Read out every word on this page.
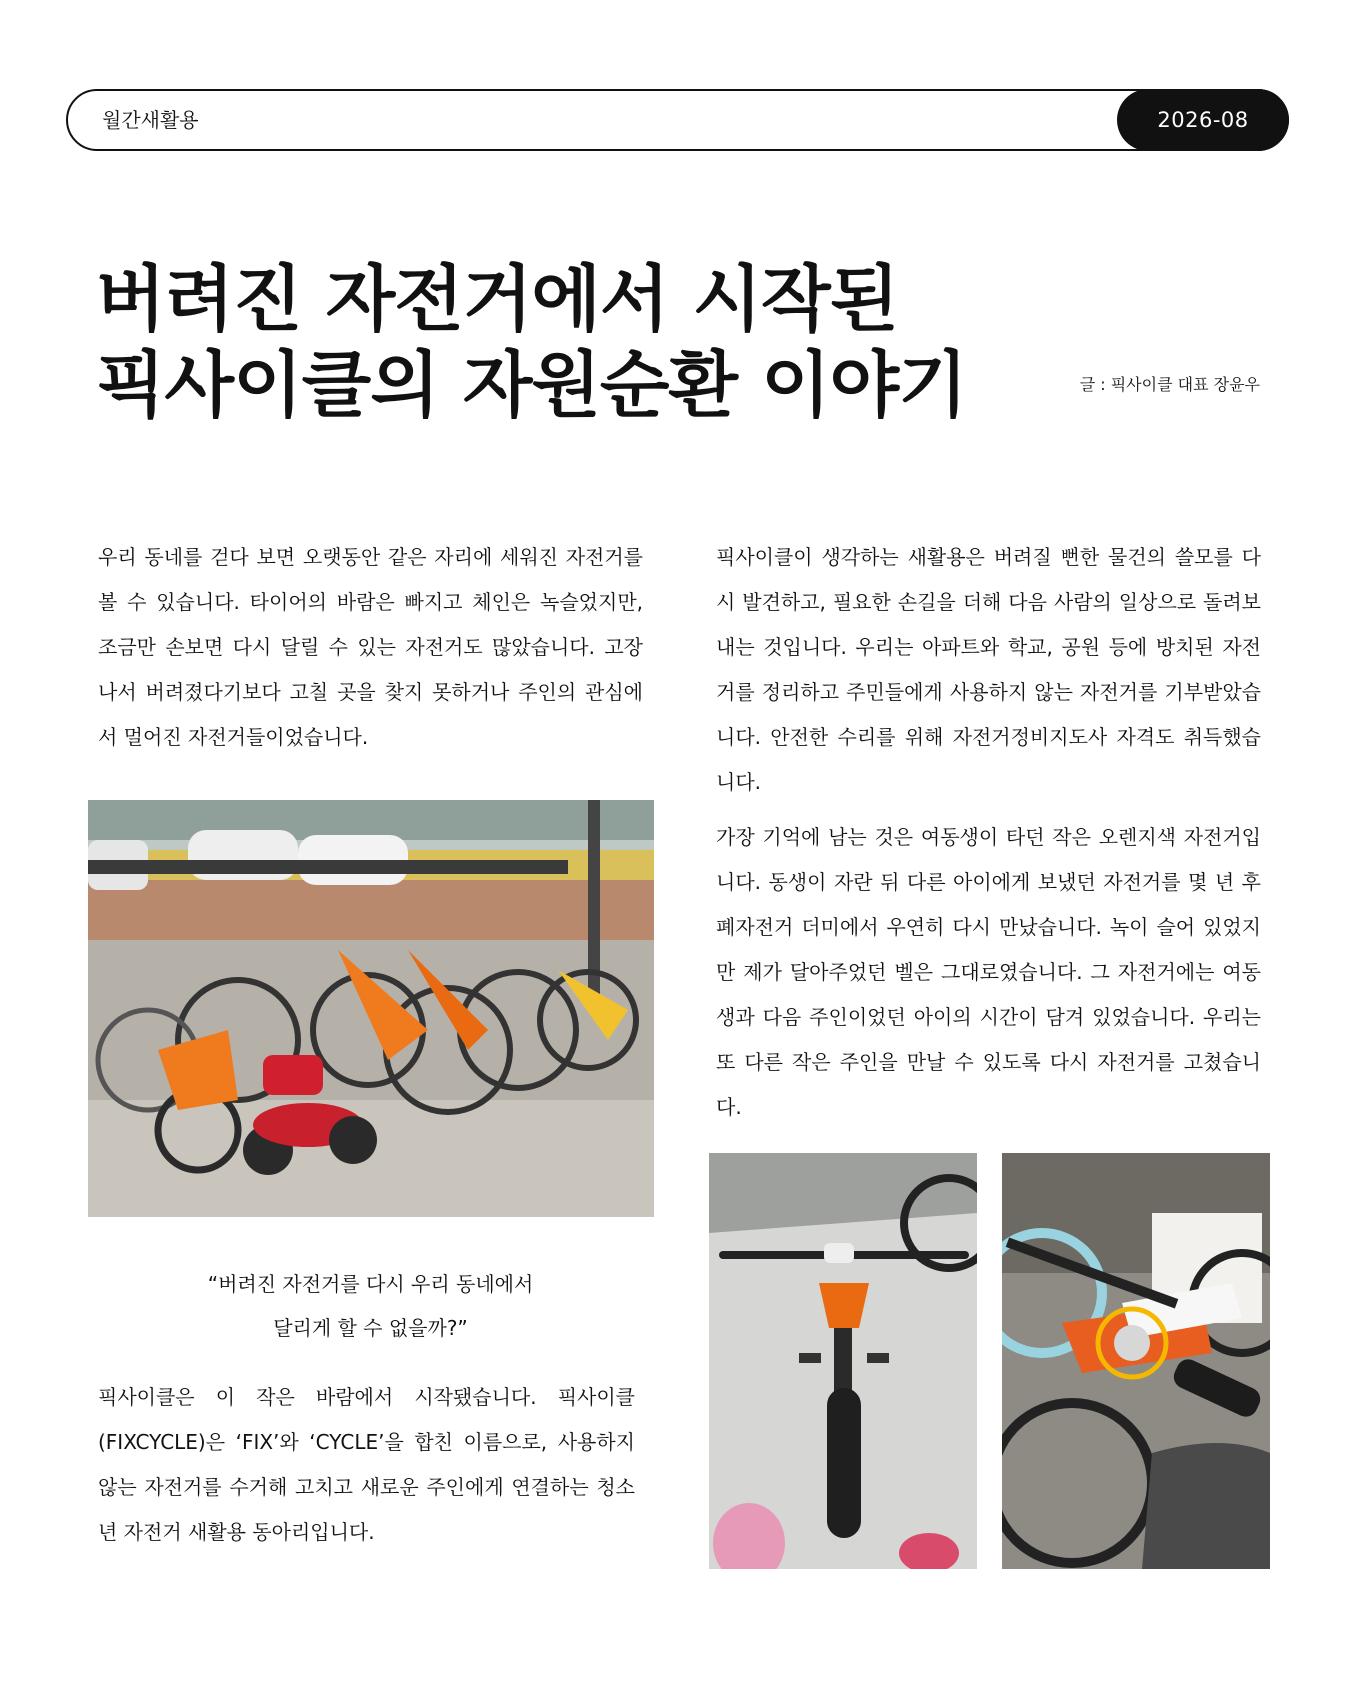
월간새활용	2026-08
버려진 자전거에서 시작된
픽사이클의 자원순환 이야기	글 : 픽사이클 대표 장윤우

우리 동네를 걷다 보면 오랫동안 같은 자리에 세워진 자전거를 볼 수 있습니다. 타이어의 바람은 빠지고 체인은 녹슬었지만, 조금만 손보면 다시 달릴 수 있는 자전거도 많았습니다. 고장 나서 버려졌다기보다 고칠 곳을 찾지 못하거나 주인의 관심에서 멀어진 자전거들이었습니다.

“버려진 자전거를 다시 우리 동네에서
달리게 할 수 없을까?”

픽사이클은 이 작은 바람에서 시작됐습니다. 픽사이클(FIXCYCLE)은 ‘FIX’와 ‘CYCLE’을 합친 이름으로, 사용하지 않는 자전거를 수거해 고치고 새로운 주인에게 연결하는 청소년 자전거 새활용 동아리입니다.

픽사이클이 생각하는 새활용은 버려질 뻔한 물건의 쓸모를 다시 발견하고, 필요한 손길을 더해 다음 사람의 일상으로 돌려보내는 것입니다. 우리는 아파트와 학교, 공원 등에 방치된 자전거를 정리하고 주민들에게 사용하지 않는 자전거를 기부받았습니다. 안전한 수리를 위해 자전거정비지도사 자격도 취득했습니다.

가장 기억에 남는 것은 여동생이 타던 작은 오렌지색 자전거입니다. 동생이 자란 뒤 다른 아이에게 보냈던 자전거를 몇 년 후 폐자전거 더미에서 우연히 다시 만났습니다. 녹이 슬어 있었지만 제가 달아주었던 벨은 그대로였습니다. 그 자전거에는 여동생과 다음 주인이었던 아이의 시간이 담겨 있었습니다. 우리는 또 다른 작은 주인을 만날 수 있도록 다시 자전거를 고쳤습니다.
